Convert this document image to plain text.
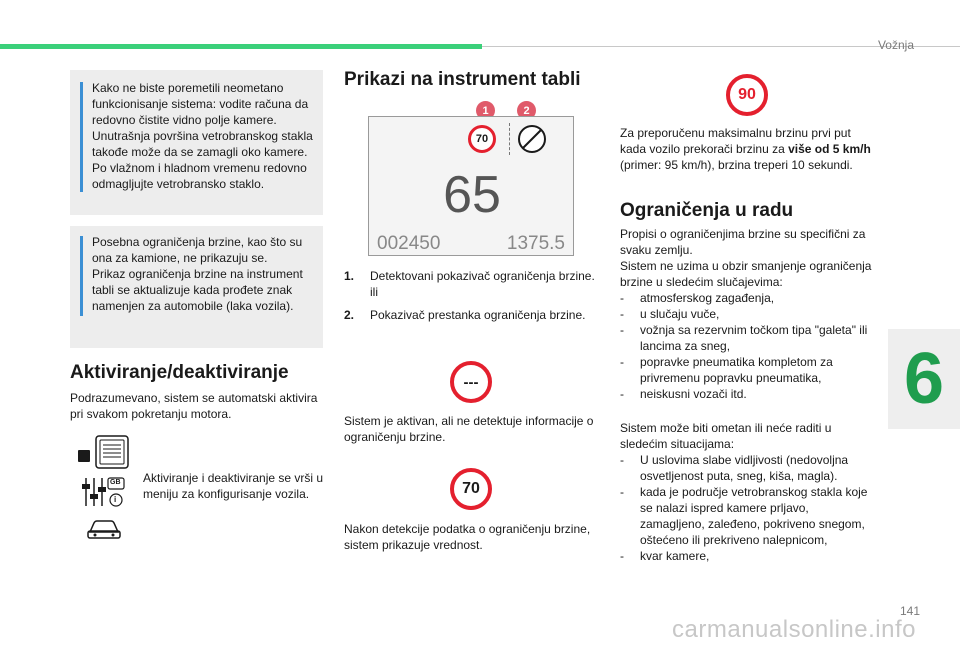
Vožnja
6
141
carmanualsonline.info

Kako ne biste poremetili neometano
funkcionisanje sistema: vodite računa da
redovno čistite vidno polje kamere.
Unutrašnja površina vetrobranskog stakla
takođe može da se zamagli oko kamere.
Po vlažnom i hladnom vremenu redovno
odmagljujte vetrobransko staklo.

Posebna ograničenja brzine, kao što su
ona za kamione, ne prikazuju se.
Prikaz ograničenja brzine na instrument
tabli se aktualizuje kada prođete znak
namenjen za automobile (laka vozila).

Aktiviranje/deaktiviranje

Podrazumevano, sistem se automatski aktivira
pri svakom pokretanju motora.

GB
i

Aktiviranje i deaktiviranje se vrši u
meniju za konfigurisanje vozila.

Prikazi na instrument tabli
1	2
70
65
002450	1375.5
1. Detektovani pokazivač ograničenja brzine.
ili
2. Pokazivač prestanka ograničenja brzine.
---

Sistem je aktivan, ali ne detektuje informacije o
ograničenju brzine.

70

Nakon detekcije podatka o ograničenju brzine,
sistem prikazuje vrednost.

90

Za preporučenu maksimalnu brzinu prvi put
kada vozilo prekorači brzinu za više od 5 km/h
(primer: 95 km/h), brzina treperi 10 sekundi.

Ograničenja u radu

Propisi o ograničenjima brzine su specifični za
svaku zemlju.
Sistem ne uzima u obzir smanjenje ograničenja
brzine u sledećim slučajevima:

- atmosferskog zagađenja,
- u slučaju vuče,
- vožnja sa rezervnim točkom tipa "galeta" ili lancima za sneg,
- popravke pneumatika kompletom za privremenu popravku pneumatika,
- neiskusni vozači itd.

Sistem može biti ometan ili neće raditi u
sledećim situacijama:

- U uslovima slabe vidljivosti (nedovoljna osvetljenost puta, sneg, kiša, magla).
- kada je područje vetrobranskog stakla koje se nalazi ispred kamere prljavo, zamagljeno, zaleđeno, pokriveno snegom, oštećeno ili prekriveno nalepnicom,
- kvar kamere,
